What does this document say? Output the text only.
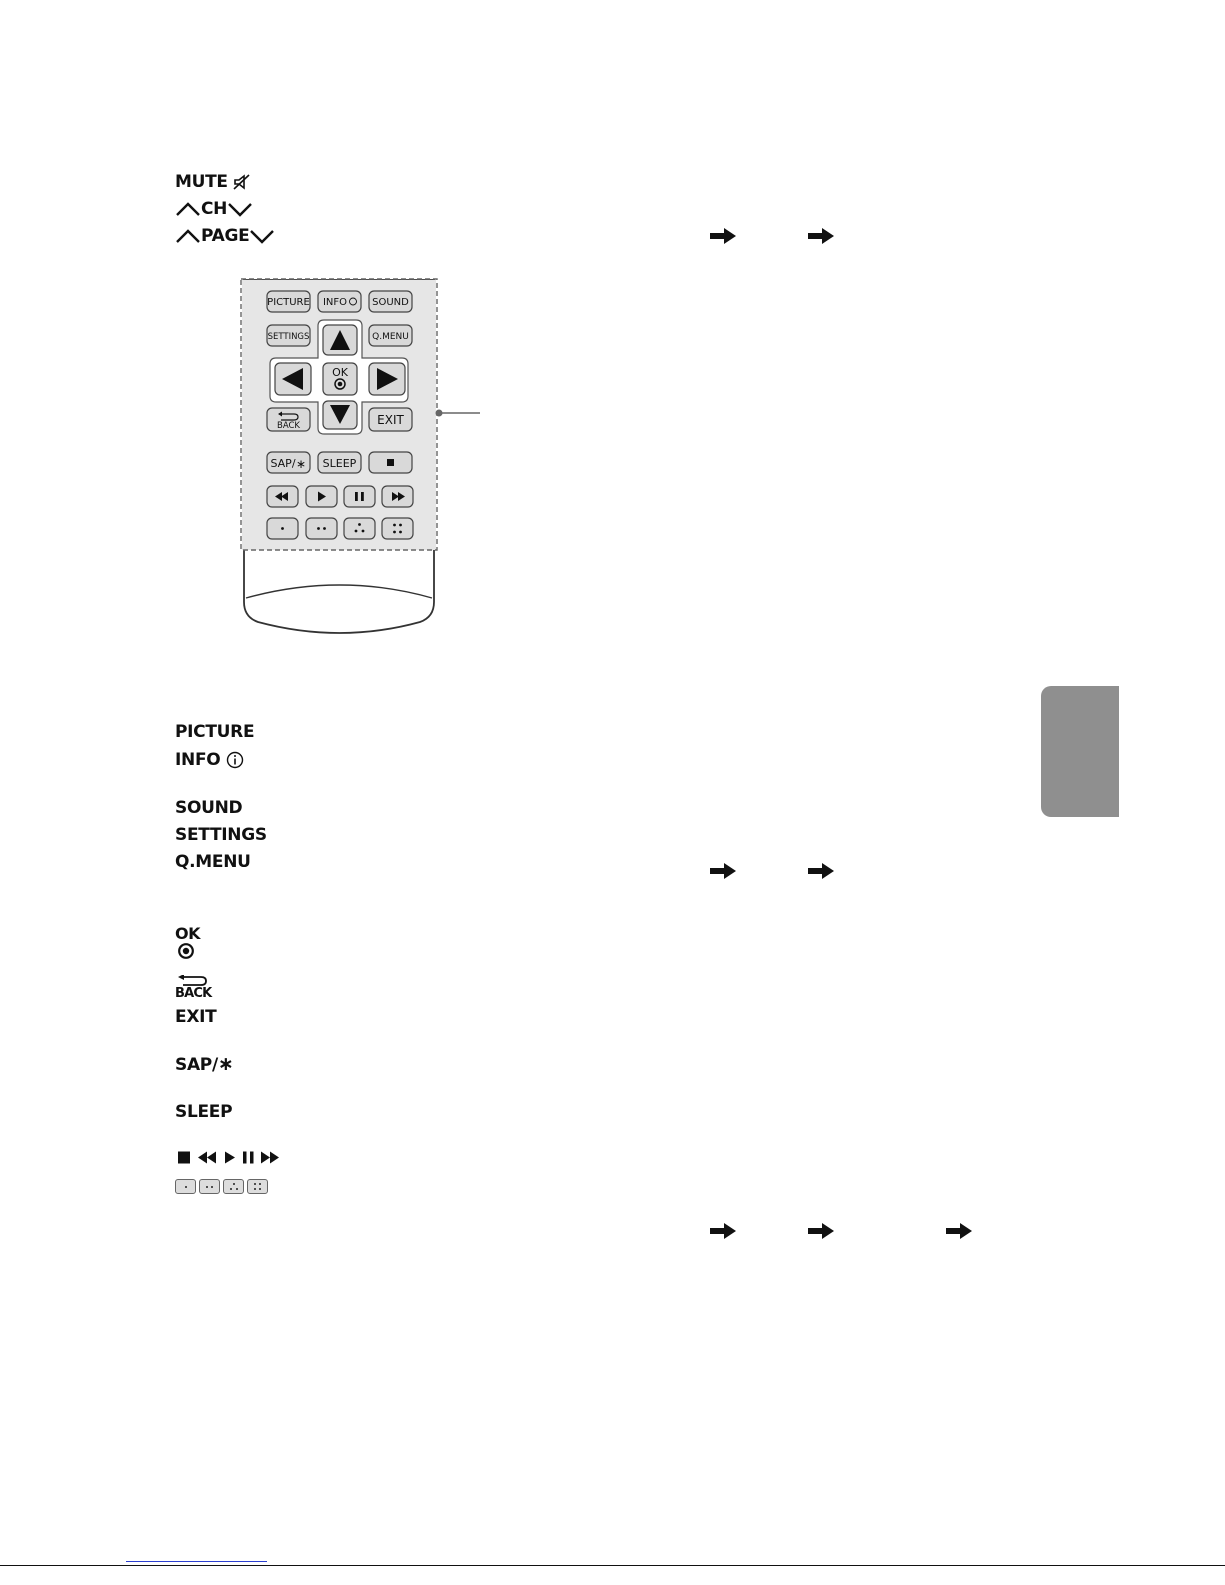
MUTE
CH
PAGE
PICTURE INFO	SOUND
SETTINGS	Q.MENU
OK
BACK	EXIT
SAP/ ∗ SLEEP
PICTURE
INFO
SOUND
SETTINGS
Q.MENU
OK
BACK
EXIT
SAP/∗
SLEEP
